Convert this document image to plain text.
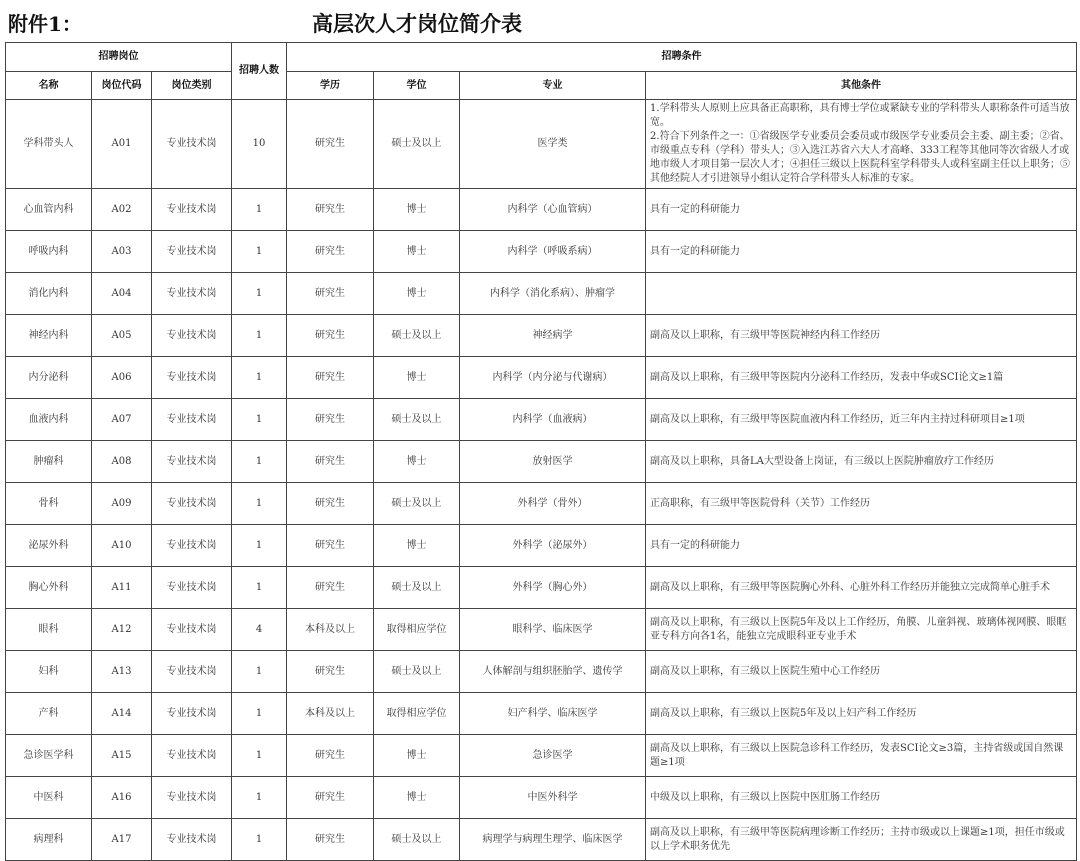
附件1：	高层次人才岗位简介表
招聘岗位			招聘人数	招聘条件			
名称	岗位代码	岗位类别		学历	学位	专业	其他条件
学科带头人	A01	专业技术岗	10	研究生	硕士及以上	医学类	1.学科带头人原则上应具备正高职称，具有博士学位或紧缺专业的学科带头人职称条件可适当放宽。
2.符合下列条件之一：①省级医学专业委员会委员或市级医学专业委员会主委、副主委；②省、市级重点专科（学科）带头人；③入选江苏省六大人才高峰、333工程等其他同等次省级人才或地市级人才项目第一层次人才；④担任三级以上医院科室学科带头人或科室副主任以上职务；⑤其他经院人才引进领导小组认定符合学科带头人标准的专家。
心血管内科	A02	专业技术岗	1	研究生	博士	内科学（心血管病）	具有一定的科研能力
呼吸内科	A03	专业技术岗	1	研究生	博士	内科学（呼吸系病）	具有一定的科研能力
消化内科	A04	专业技术岗	1	研究生	博士	内科学（消化系病）、肿瘤学	
神经内科	A05	专业技术岗	1	研究生	硕士及以上	神经病学	副高及以上职称，有三级甲等医院神经内科工作经历
内分泌科	A06	专业技术岗	1	研究生	博士	内科学（内分泌与代谢病）	副高及以上职称，有三级甲等医院内分泌科工作经历，发表中华或SCI论文≥1篇
血液内科	A07	专业技术岗	1	研究生	硕士及以上	内科学（血液病）	副高及以上职称，有三级甲等医院血液内科工作经历，近三年内主持过科研项目≥1项
肿瘤科	A08	专业技术岗	1	研究生	博士	放射医学	副高及以上职称，具备LA大型设备上岗证，有三级以上医院肿瘤放疗工作经历
骨科	A09	专业技术岗	1	研究生	硕士及以上	外科学（骨外）	正高职称，有三级甲等医院骨科（关节）工作经历
泌尿外科	A10	专业技术岗	1	研究生	博士	外科学（泌尿外）	具有一定的科研能力
胸心外科	A11	专业技术岗	1	研究生	硕士及以上	外科学（胸心外）	副高及以上职称，有三级甲等医院胸心外科、心脏外科工作经历并能独立完成简单心脏手术
眼科	A12	专业技术岗	4	本科及以上	取得相应学位	眼科学、临床医学	副高及以上职称，有三级以上医院5年及以上工作经历，角膜、儿童斜视、玻璃体视网膜、眼眶亚专科方向各1名，能独立完成眼科亚专业手术
妇科	A13	专业技术岗	1	研究生	硕士及以上	人体解剖与组织胚胎学、遗传学	副高及以上职称，有三级以上医院生殖中心工作经历
产科	A14	专业技术岗	1	本科及以上	取得相应学位	妇产科学、临床医学	副高及以上职称，有三级以上医院5年及以上妇产科工作经历
急诊医学科	A15	专业技术岗	1	研究生	博士	急诊医学	副高及以上职称，有三级以上医院急诊科工作经历，发表SCI论文≥3篇，主持省级或国自然课题≥1项
中医科	A16	专业技术岗	1	研究生	博士	中医外科学	中级及以上职称，有三级以上医院中医肛肠工作经历
病理科	A17	专业技术岗	1	研究生	硕士及以上	病理学与病理生理学、临床医学	副高及以上职称，有三级甲等医院病理诊断工作经历；主持市级或以上课题≥1项，担任市级或以上学术职务优先
